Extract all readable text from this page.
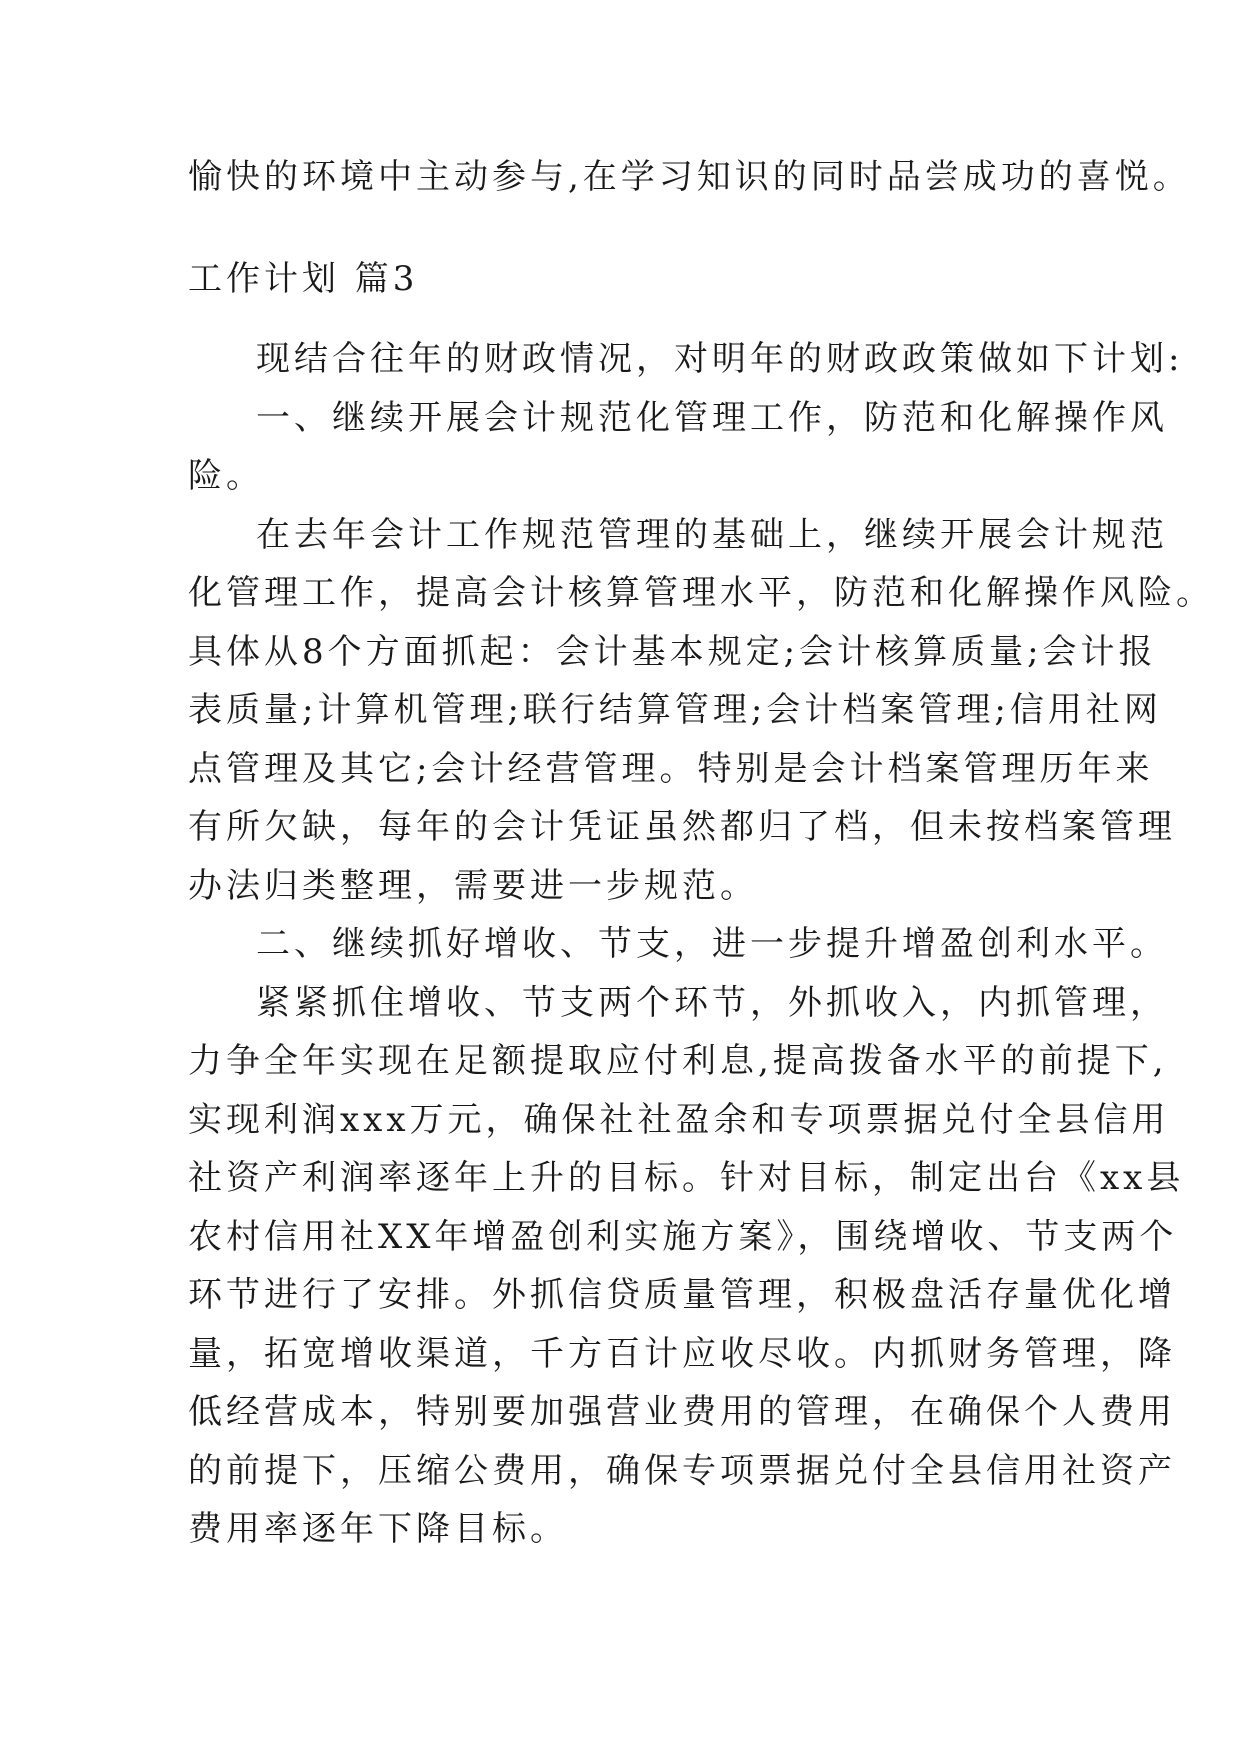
愉快的环境中主动参与,在学习知识的同时品尝成功的喜悦。
工作计划 篇3
现结合往年的财政情况，对明年的财政政策做如下计划:
一、继续开展会计规范化管理工作，防范和化解操作风
险。
在去年会计工作规范管理的基础上，继续开展会计规范
化管理工作，提高会计核算管理水平，防范和化解操作风险。
具体从8个方面抓起：会计基本规定;会计核算质量;会计报
表质量;计算机管理;联行结算管理;会计档案管理;信用社网
点管理及其它;会计经营管理。特别是会计档案管理历年来
有所欠缺，每年的会计凭证虽然都归了档，但未按档案管理
办法归类整理，需要进一步规范。
二、继续抓好增收、节支，进一步提升增盈创利水平。
紧紧抓住增收、节支两个环节，外抓收入，内抓管理，
力争全年实现在足额提取应付利息,提高拨备水平的前提下,
实现利润xxx万元，确保社社盈余和专项票据兑付全县信用
社资产利润率逐年上升的目标。针对目标，制定出台《xx县
农村信用社XX年增盈创利实施方案》，围绕增收、节支两个
环节进行了安排。外抓信贷质量管理，积极盘活存量优化增
量，拓宽增收渠道，千方百计应收尽收。内抓财务管理，降
低经营成本，特别要加强营业费用的管理，在确保个人费用
的前提下，压缩公费用，确保专项票据兑付全县信用社资产
费用率逐年下降目标。
